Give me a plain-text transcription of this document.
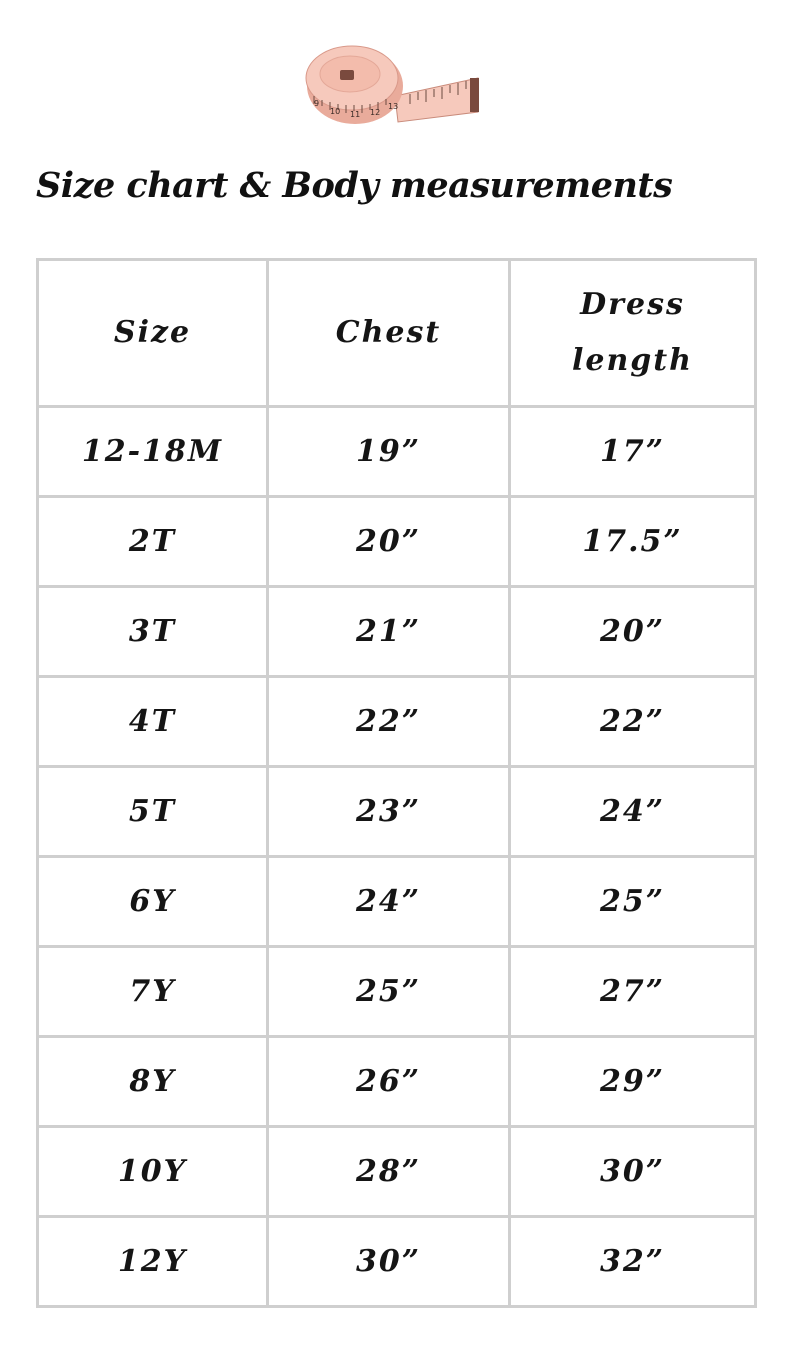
9
10 11 12
13
Size chart & Body measurements
Size	Chest	Dress length
12-18M	19”	17”
2T	20”	17.5”
3T	21”	20”
4T	22”	22”
5T	23”	24”
6Y	24”	25”
7Y	25”	27”
8Y	26”	29”
10Y	28”	30”
12Y	30”	32”
